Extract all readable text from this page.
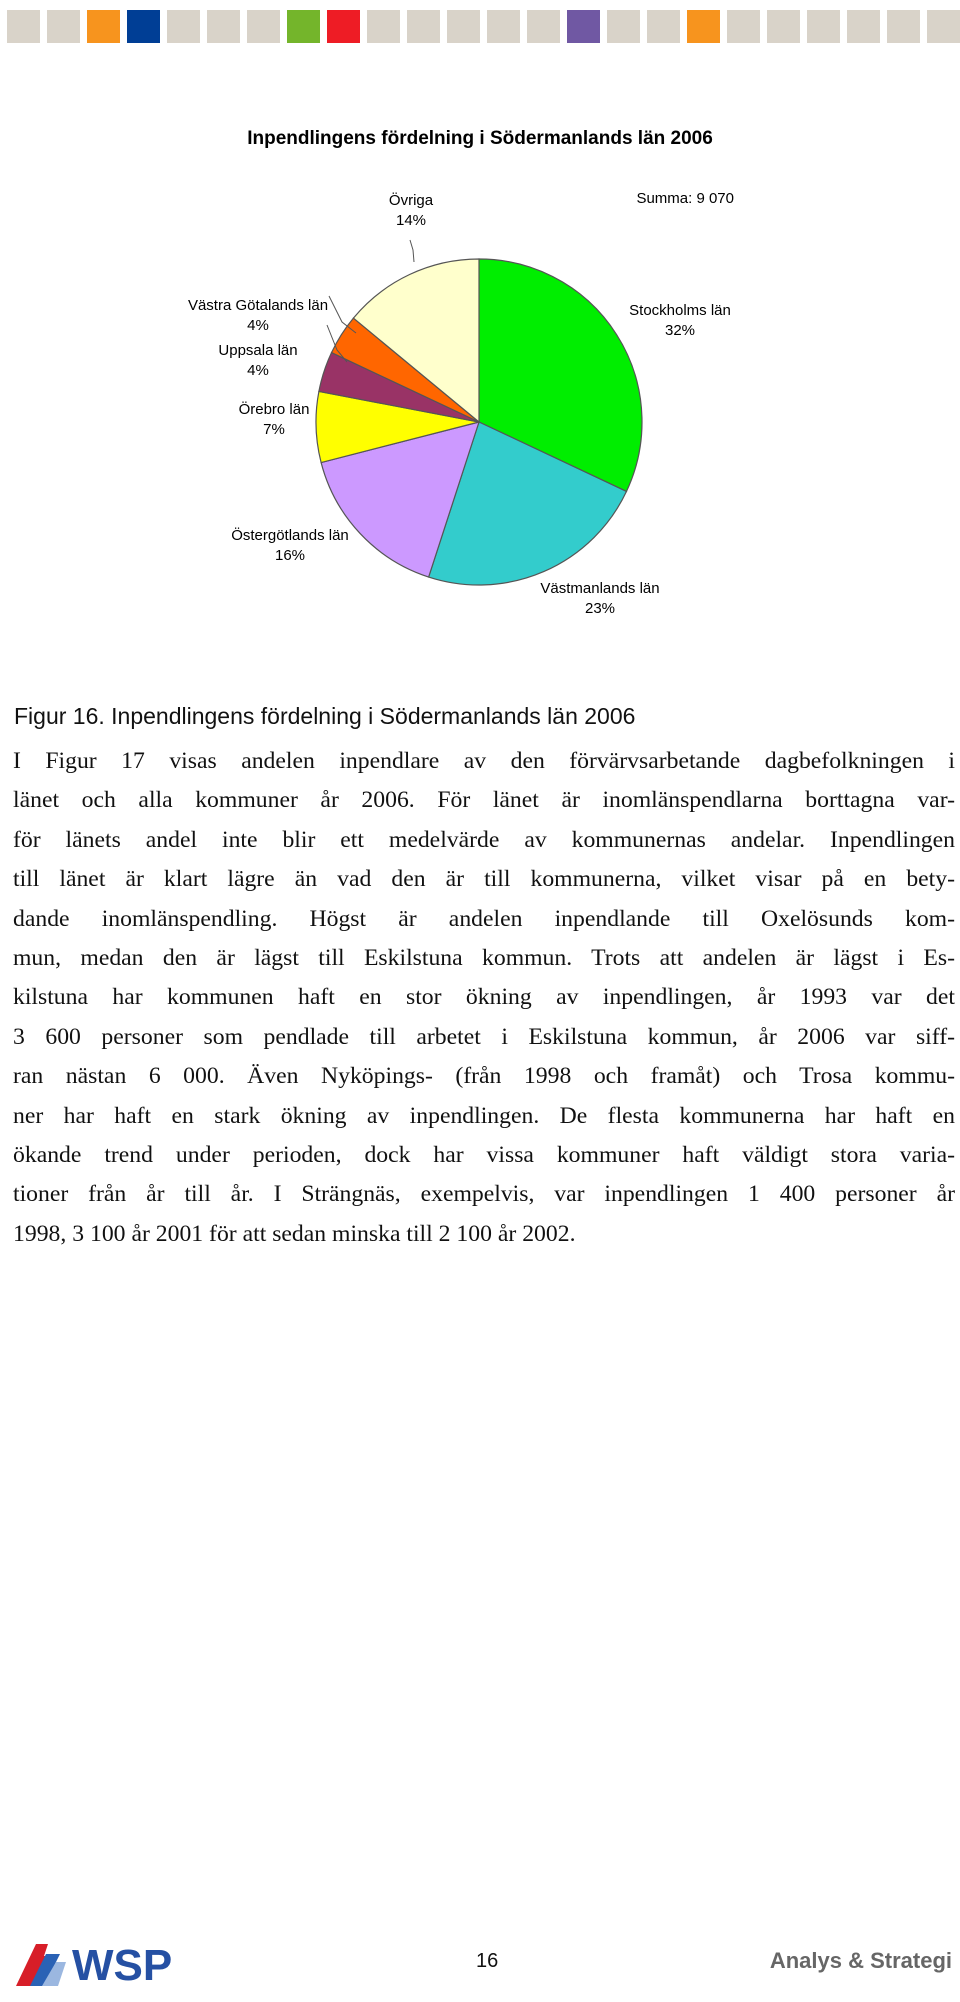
Inpendlingens fördelning i Södermanlands län 2006
Summa: 9 070
Stockholms län
32%
Västmanlands län
23%
Östergötlands län
16%
Örebro län
7%
Uppsala län
4%
Västra Götalands län
4%
Övriga
14%
Figur 16. Inpendlingens fördelning i Södermanlands län 2006
I Figur 17 visas andelen inpendlare av den förvärvsarbetande dagbefolkningen i
länet och alla kommuner år 2006. För länet är inomlänspendlarna borttagna var-
för länets andel inte blir ett medelvärde av kommunernas andelar. Inpendlingen
till länet är klart lägre än vad den är till kommunerna, vilket visar på en bety-
dande inomlänspendling. Högst är andelen inpendlande till Oxelösunds kom-
mun, medan den är lägst till Eskilstuna kommun. Trots att andelen är lägst i Es-
kilstuna har kommunen haft en stor ökning av inpendlingen, år 1993 var det
3 600 personer som pendlade till arbetet i Eskilstuna kommun, år 2006 var siff-
ran nästan 6 000. Även Nyköpings- (från 1998 och framåt) och Trosa kommu-
ner har haft en stark ökning av inpendlingen. De flesta kommunerna har haft en
ökande trend under perioden, dock har vissa kommuner haft väldigt stora varia-
tioner från år till år. I Strängnäs, exempelvis, var inpendlingen 1 400 personer år
1998, 3 100 år 2001 för att sedan minska till 2 100 år 2002.
WSP	16	Analys & Strategi
